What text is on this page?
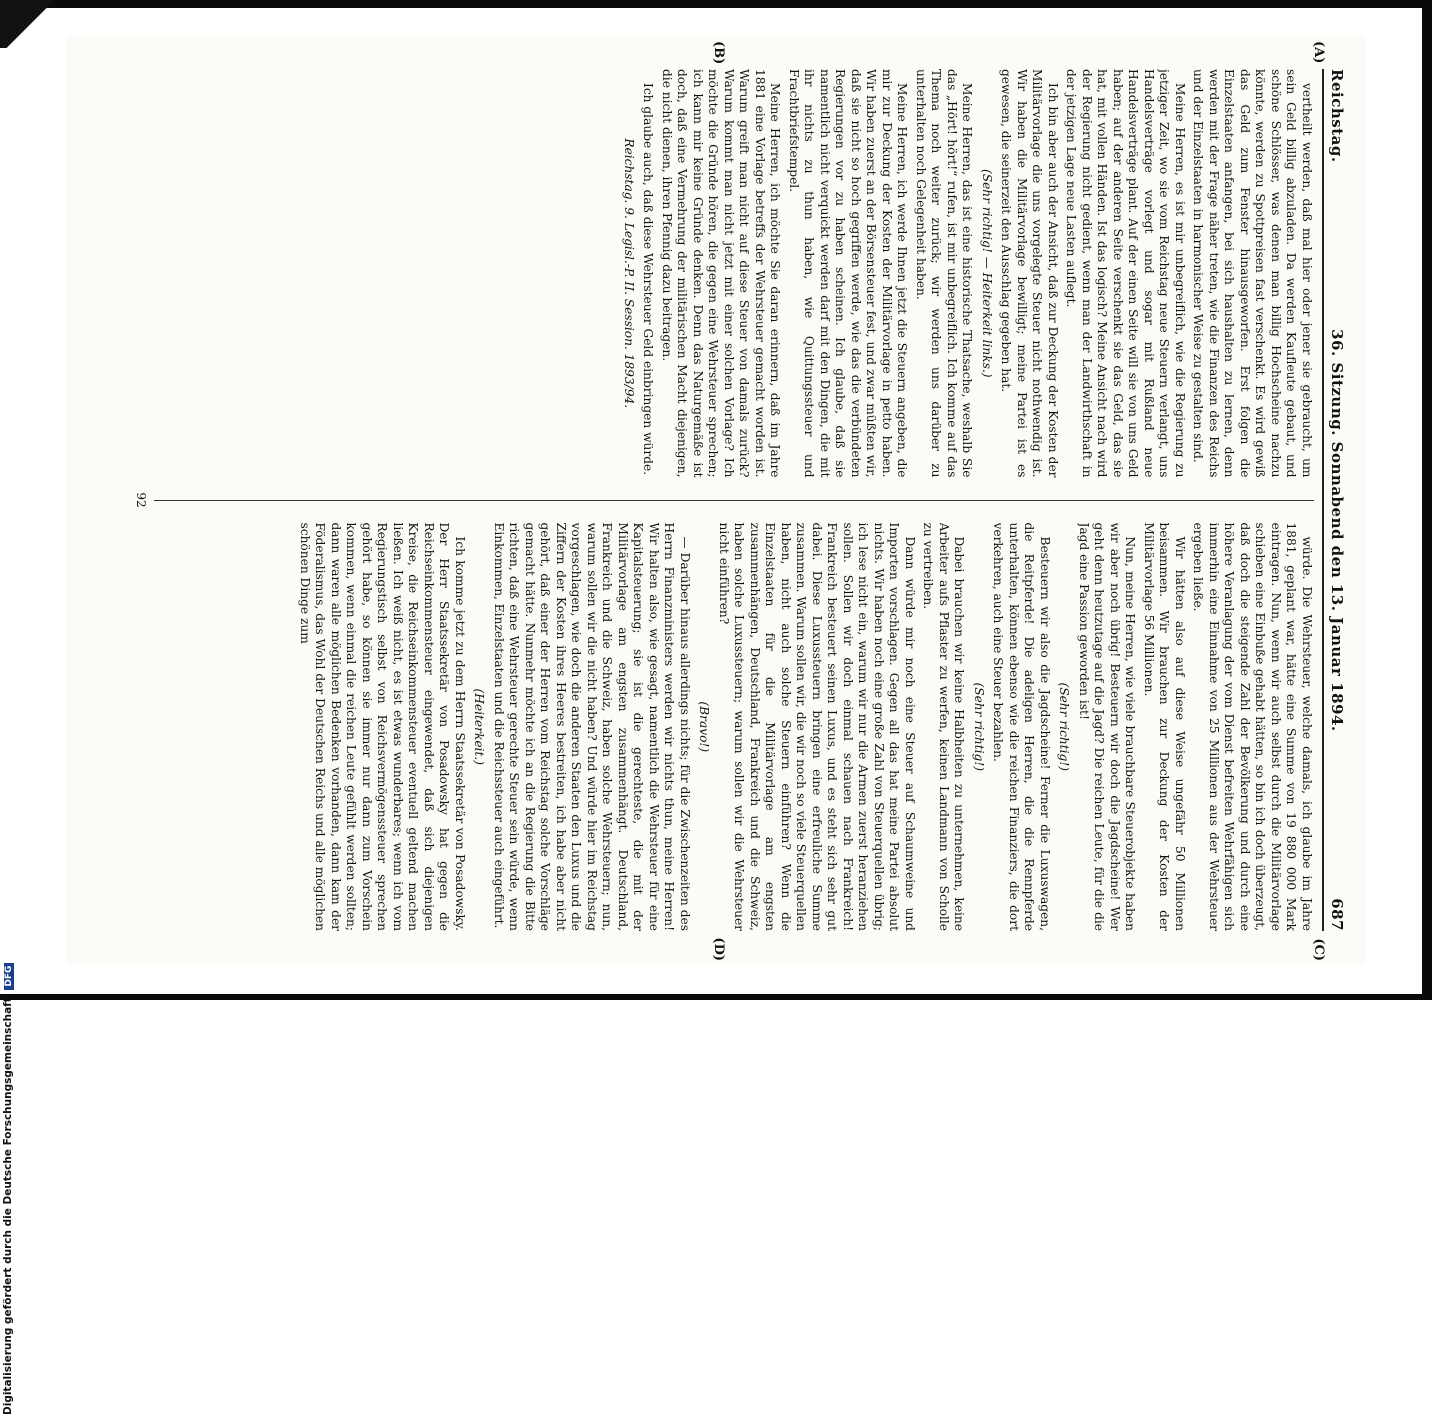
Reichstag.
36. Sitzung. Sonnabend den 13. Januar 1894.
687

vertheilt werden, daß mal hier oder jener sie gebraucht, um sein Geld billig abzuladen. Da werden Kaufleute gebaut, und schöne Schlösser, was denen man billig Hochscheine nachzu könnte, werden zu Spottpreisen fast verschenkt. Es wird gewiß das Geld zum Fenster hinausgeworfen. Erst folgen die Einzelstaaten anfangen, bei sich haushalten zu lernen, denn werden mit der Frage näher treten, wie die Finanzen des Reichs und der Einzelstaaten in harmonischer Weise zu gestalten sind.

Meine Herren, es ist mir unbegreiflich, wie die Regierung zu jetziger Zeit, wo sie vom Reichstag neue Steuern verlangt, uns Handelsverträge vorlegt und sogar mit Rußland neue Handelsverträge plant. Auf der einen Seite will sie von uns Geld haben; auf der anderen Seite verschenkt sie das Geld, das sie hat, mit vollen Händen. Ist das logisch? Meine Ansicht nach wird der Regierung nicht gedient, wenn man der Landwirthschaft in der jetzigen Lage neue Lasten auflegt.

Ich bin aber auch der Ansicht, daß zur Deckung der Kosten der Militärvorlage die uns vorgelegte Steuer nicht nothwendig ist. Wir haben die Militärvorlage bewilligt; meine Partei ist es gewesen, die seinerzeit den Ausschlag gegeben hat.

(Sehr richtig! — Heiterkeit links.)

Meine Herren, das ist eine historische Thatsache, weshalb Sie das „Hört! hört!“ rufen, ist mir unbegreiflich. Ich komme auf das Thema noch weiter zurück; wir werden uns darüber zu unterhalten noch Gelegenheit haben.

Meine Herren, ich werde Ihnen jetzt die Steuern angeben, die mir zur Deckung der Kosten der Militärvorlage in petto haben. Wir haben zuerst an der Börsensteuer fest, und zwar müßten wir, daß sie nicht so hoch gegriffen werde, wie das die verbündeten Regierungen vor zu haben scheinen. Ich glaube, daß sie namentlich nicht verquickt werden darf mit den Dingen, die mit ihr nichts zu thun haben, wie Quittungssteuer und Frachtbriefstempel.

Meine Herren, ich möchte Sie daran erinnern, daß im Jahre 1881 eine Vorlage betreffs der Wehrsteuer gemacht worden ist. Warum greift man nicht auf diese Steuer von damals zurück? Warum kommt man nicht jetzt mit einer solchen Vorlage? Ich möchte die Gründe hören, die gegen eine Wehrsteuer sprechen; ich kann mir keine Gründe denken. Denn das Naturgemäße ist doch, daß eine Vermehrung der militärischen Macht diejenigen, die nicht dienen, ihren Pfennig dazu beitragen.

Ich glaube auch, daß diese Wehrsteuer Geld einbringen würde.

Reichstag. 9. Legisl.-P. II. Session. 1893/94.

würde. Die Wehrsteuer, welche damals, ich glaube im Jahre 1881, geplant war, hätte eine Summe von 19 880 000 Mark eintragen. Nun, wenn wir auch selbst durch die Militärvorlage schieben eine Einbuße gehabt hätten, so bin ich doch überzeugt, daß doch die steigende Zahl der Bevölkerung und durch eine höhere Veranlagung der vom Dienst befreiten Wehrfähigen sich immerhin eine Einnahme von 25 Millionen aus der Wehrsteuer ergeben ließe.

Wir hätten also auf diese Weise ungefähr 50 Millionen beisammen. Wir brauchen zur Deckung der Kosten der Militärvorlage 56 Millionen.

Nun, meine Herren, wie viele brauchbare Steuerobjekte haben wir aber noch übrig! Besteuern wir doch die Jagdscheine! Wer geht denn heutzutage auf die Jagd? Die reichen Leute, für die die Jagd eine Passion geworden ist!

(Sehr richtig!)

Besteuern wir also die Jagdscheine! Ferner die Luxuswagen, die Reitpferde! Die adeligen Herren, die die Rennpferde unterhalten, können ebenso wie die reichen Finanziers, die dort verkehren, auch eine Steuer bezahlen.

(Sehr richtig!)

Dabei brauchen wir keine Halbheiten zu unternehmen, keine Arbeiter aufs Pflaster zu werfen, keinen Landmann von Scholle zu vertreiben.

Dann würde mir noch eine Steuer auf Schaumweine und Importen vorschlagen. Gegen all das hat meine Partei absolut nichts. Wir haben noch eine große Zahl von Steuerquellen übrig; ich lese nicht ein, warum wir nur die Armen zuerst heranziehen sollen. Sollen wir doch einmal schauen nach Frankreich! Frankreich besteuert seinen Luxus, und es steht sich sehr gut dabei. Diese Luxussteuern bringen eine erfreuliche Summe zusammen. Warum sollen wir, die wir noch so viele Steuerquellen haben, nicht auch solche Steuern einführen? Wenn die Einzelstaaten für die Militärvorlage am engsten zusammenhängen, Deutschland, Frankreich und die Schweiz, haben solche Luxussteuern; warum sollen wir die Wehrsteuer nicht einführen?

(Bravo!)

— Darüber hinaus allerdings nichts; für die Zwischenzeiten des Herrn Finanzministers werden wir nichts thun, meine Herren! Wir halten also, wie gesagt, namentlich die Wehrsteuer für eine Kapitalsteuerung; sie ist die gerechteste, die mit der Militärvorlage am engsten zusammenhängt. Deutschland, Frankreich und die Schweiz, haben solche Wehrsteuern; nun, warum sollen wir die nicht haben? Und würde hier im Reichstag vorgeschlagen, wie doch die anderen Staaten den Luxus und die Ziffern der Kosten ihres Heeres bestreiten, ich habe aber nicht gehört, daß einer der Herren vom Reichstag solche Vorschläge gemacht hätte. Nunmehr möchte ich an die Regierung die Bitte richten, daß eine Wehrsteuer gerechte Steuer sein würde, wenn Einkommen, Einzelstaaten und die Reichssteuer auch eingeführt.

(Heiterkeit.)

Ich komme jetzt zu dem Herrn Staatssekretär von Posadowsky. Der Herr Staatssekretär von Posadowsky hat gegen die Reichseinkommensteuer eingewendet, daß sich diejenigen Kreise, die Reichseinkommensteuer eventuell geltend machen ließen. Ich weiß nicht, es ist etwas wunderbares; wenn ich vom Regierungstisch selbst von Reichsvermögenssteuer sprechen gehört habe, so können sie immer nur dann zum Vorschein kommen, wenn einmal die reichen Leute gefühlt werden sollten; dann waren alle möglichen Bedenken vorhanden, dann kam der Föderalismus, das Wohl der Deutschen Reichs und alle möglichen schönen Dinge zum

(A)
(B)
(C)
(D)
92
Digitalisierung gefördert durch die Deutsche Forschungsgemeinschaft DFG
